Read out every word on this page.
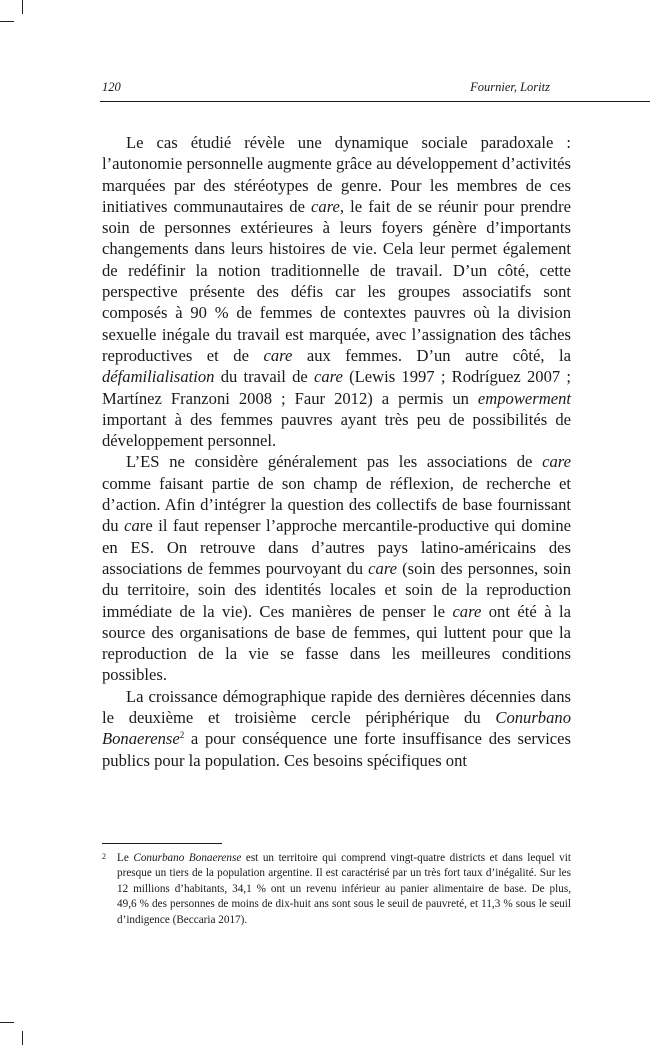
120	Fournier, Loritz

Le cas étudié révèle une dynamique sociale paradoxale : l’autonomie personnelle augmente grâce au développement d’activités marquées par des stéréotypes de genre. Pour les membres de ces initiatives communautaires de care, le fait de se réunir pour prendre soin de personnes extérieures à leurs foyers génère d’importants changements dans leurs histoires de vie. Cela leur permet également de redéfinir la notion traditionnelle de travail. D’un côté, cette perspective présente des défis car les groupes associatifs sont composés à 90 % de femmes de contextes pauvres où la division sexuelle inégale du travail est marquée, avec l’assignation des tâches reproductives et de care aux femmes. D’un autre côté, la défamilialisation du travail de care (Lewis 1997 ; Rodríguez 2007 ; Martínez Franzoni 2008 ; Faur 2012) a permis un empowerment important à des femmes pauvres ayant très peu de possibilités de développement personnel.

L’ES ne considère généralement pas les associations de care comme faisant partie de son champ de réflexion, de recherche et d’action. Afin d’intégrer la question des collectifs de base fournissant du care il faut repenser l’approche mercantile-productive qui domine en ES. On retrouve dans d’autres pays latino-américains des associations de femmes pourvoyant du care (soin des personnes, soin du territoire, soin des identités locales et soin de la reproduction immédiate de la vie). Ces manières de penser le care ont été à la source des organisations de base de femmes, qui luttent pour que la reproduction de la vie se fasse dans les meilleures conditions possibles.

La croissance démographique rapide des dernières décennies dans le deuxième et troisième cercle périphérique du Conurbano Bonaerense$^2$ a pour conséquence une forte insuffisance des services publics pour la population. Ces besoins spécifiques ont

2 Le Conurbano Bonaerense est un territoire qui comprend vingt-quatre districts et dans lequel vit presque un tiers de la population argentine. Il est caractérisé par un très fort taux d’inégalité. Sur les 12 millions d’habitants, 34,1 % ont un revenu inférieur au panier alimentaire de base. De plus, 49,6 % des personnes de moins de dix-huit ans sont sous le seuil de pauvreté, et 11,3 % sous le seuil d’indigence (Beccaria 2017).
